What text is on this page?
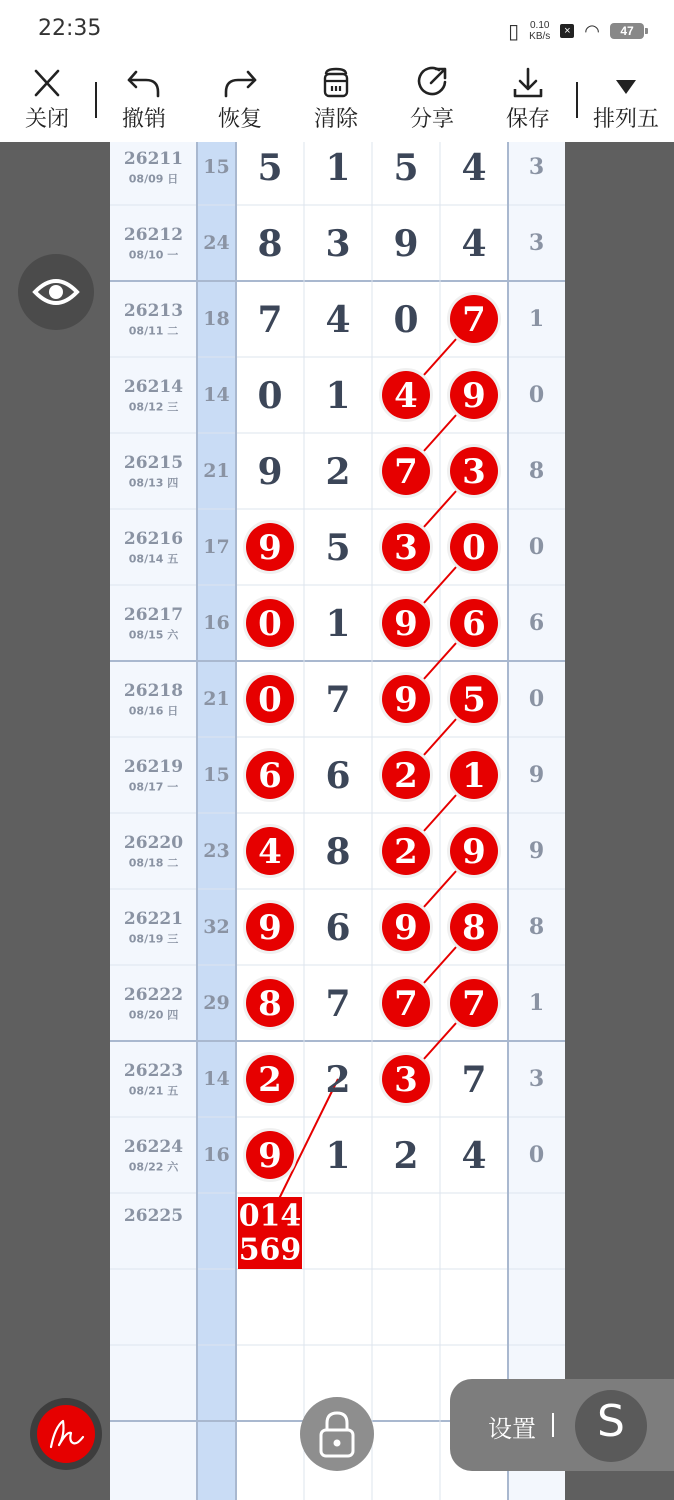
22:35	▯ 0.10
KB/s	× ◠	47
关闭	撤销	恢复	清除	分享	保存	排列五
26211
08/09 日
15 5 1 5 4 3
26212
08/10 一
24 8 3 9 4 3
26213
08/11 二
18 7 4 0 7 1
26214
08/12 三
14 0 1 4 9 0
26215
08/13 四
21 9 2 7 3 8
26216
08/14 五
17 9 5 3 0 0
26217
08/15 六
16 0 1 9 6 6
26218
08/16 日
21 0 7 9 5 0
26219
08/17 一
15 6 6 2 1 9
26220
08/18 二
23 4 8 2 9 9
26221
08/19 三
32 9 6 9 8 8
26222
08/20 四
29 8 7 7 7 1
26223
08/21 五
14 2 2 3 7 3
26224
08/22 六
16 9 1 2 4 0
26225 014
569
设置	S
